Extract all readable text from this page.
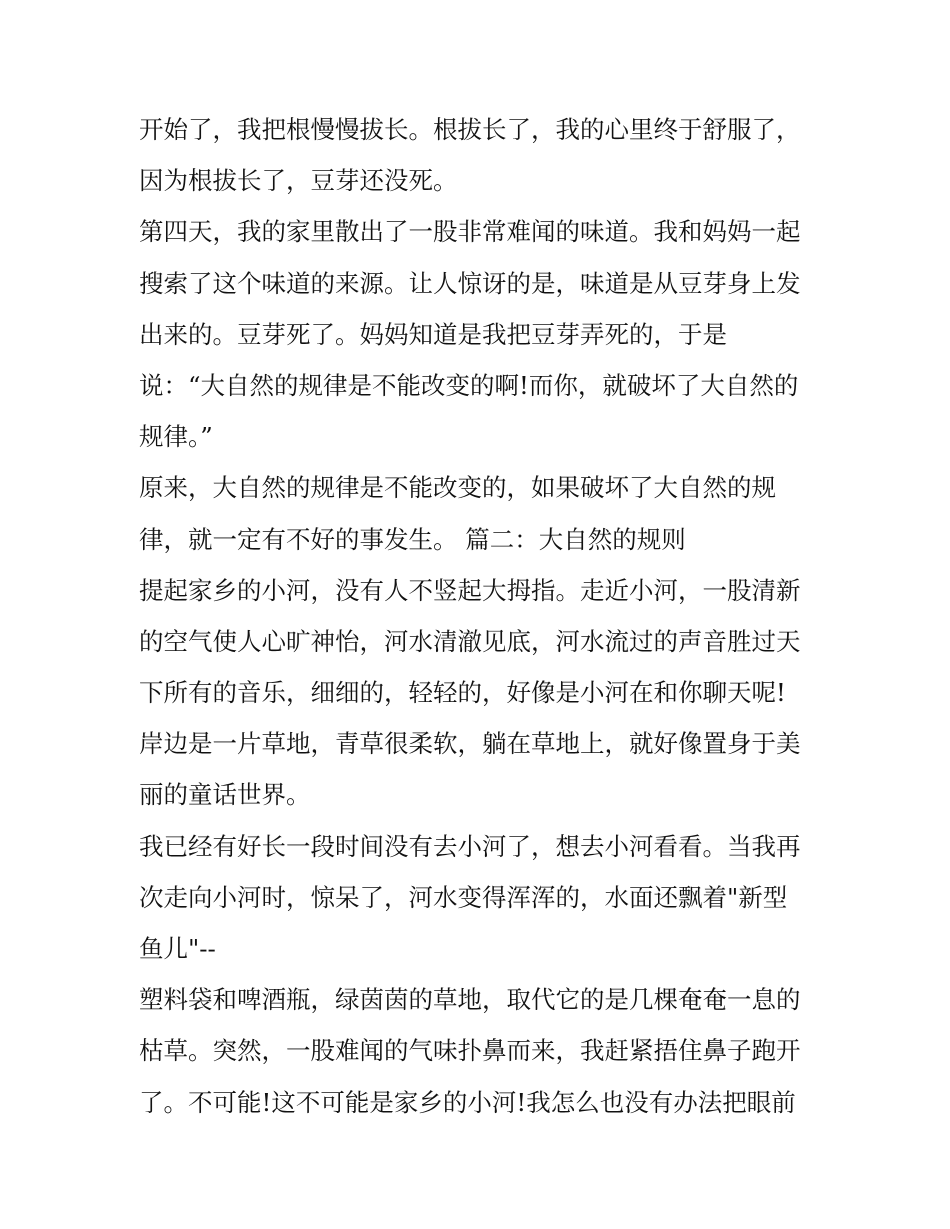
开始了，我把根慢慢拔长。根拔长了，我的心里终于舒服了，
因为根拔长了，豆芽还没死。
第四天，我的家里散出了一股非常难闻的味道。我和妈妈一起
搜索了这个味道的来源。让人惊讶的是，味道是从豆芽身上发
出来的。豆芽死了。妈妈知道是我把豆芽弄死的，于是
说：“大自然的规律是不能改变的啊!而你，就破坏了大自然的
规律。”
原来，大自然的规律是不能改变的，如果破坏了大自然的规
律，就一定有不好的事发生。 篇二：大自然的规则
提起家乡的小河，没有人不竖起大拇指。走近小河，一股清新
的空气使人心旷神怡，河水清澈见底，河水流过的声音胜过天
下所有的音乐，细细的，轻轻的，好像是小河在和你聊天呢!
岸边是一片草地，青草很柔软，躺在草地上，就好像置身于美
丽的童话世界。
我已经有好长一段时间没有去小河了，想去小河看看。当我再
次走向小河时，惊呆了，河水变得浑浑的，水面还飘着"新型
鱼儿"--
塑料袋和啤酒瓶，绿茵茵的草地，取代它的是几棵奄奄一息的
枯草。突然，一股难闻的气味扑鼻而来，我赶紧捂住鼻子跑开
了。不可能!这不可能是家乡的小河!我怎么也没有办法把眼前
